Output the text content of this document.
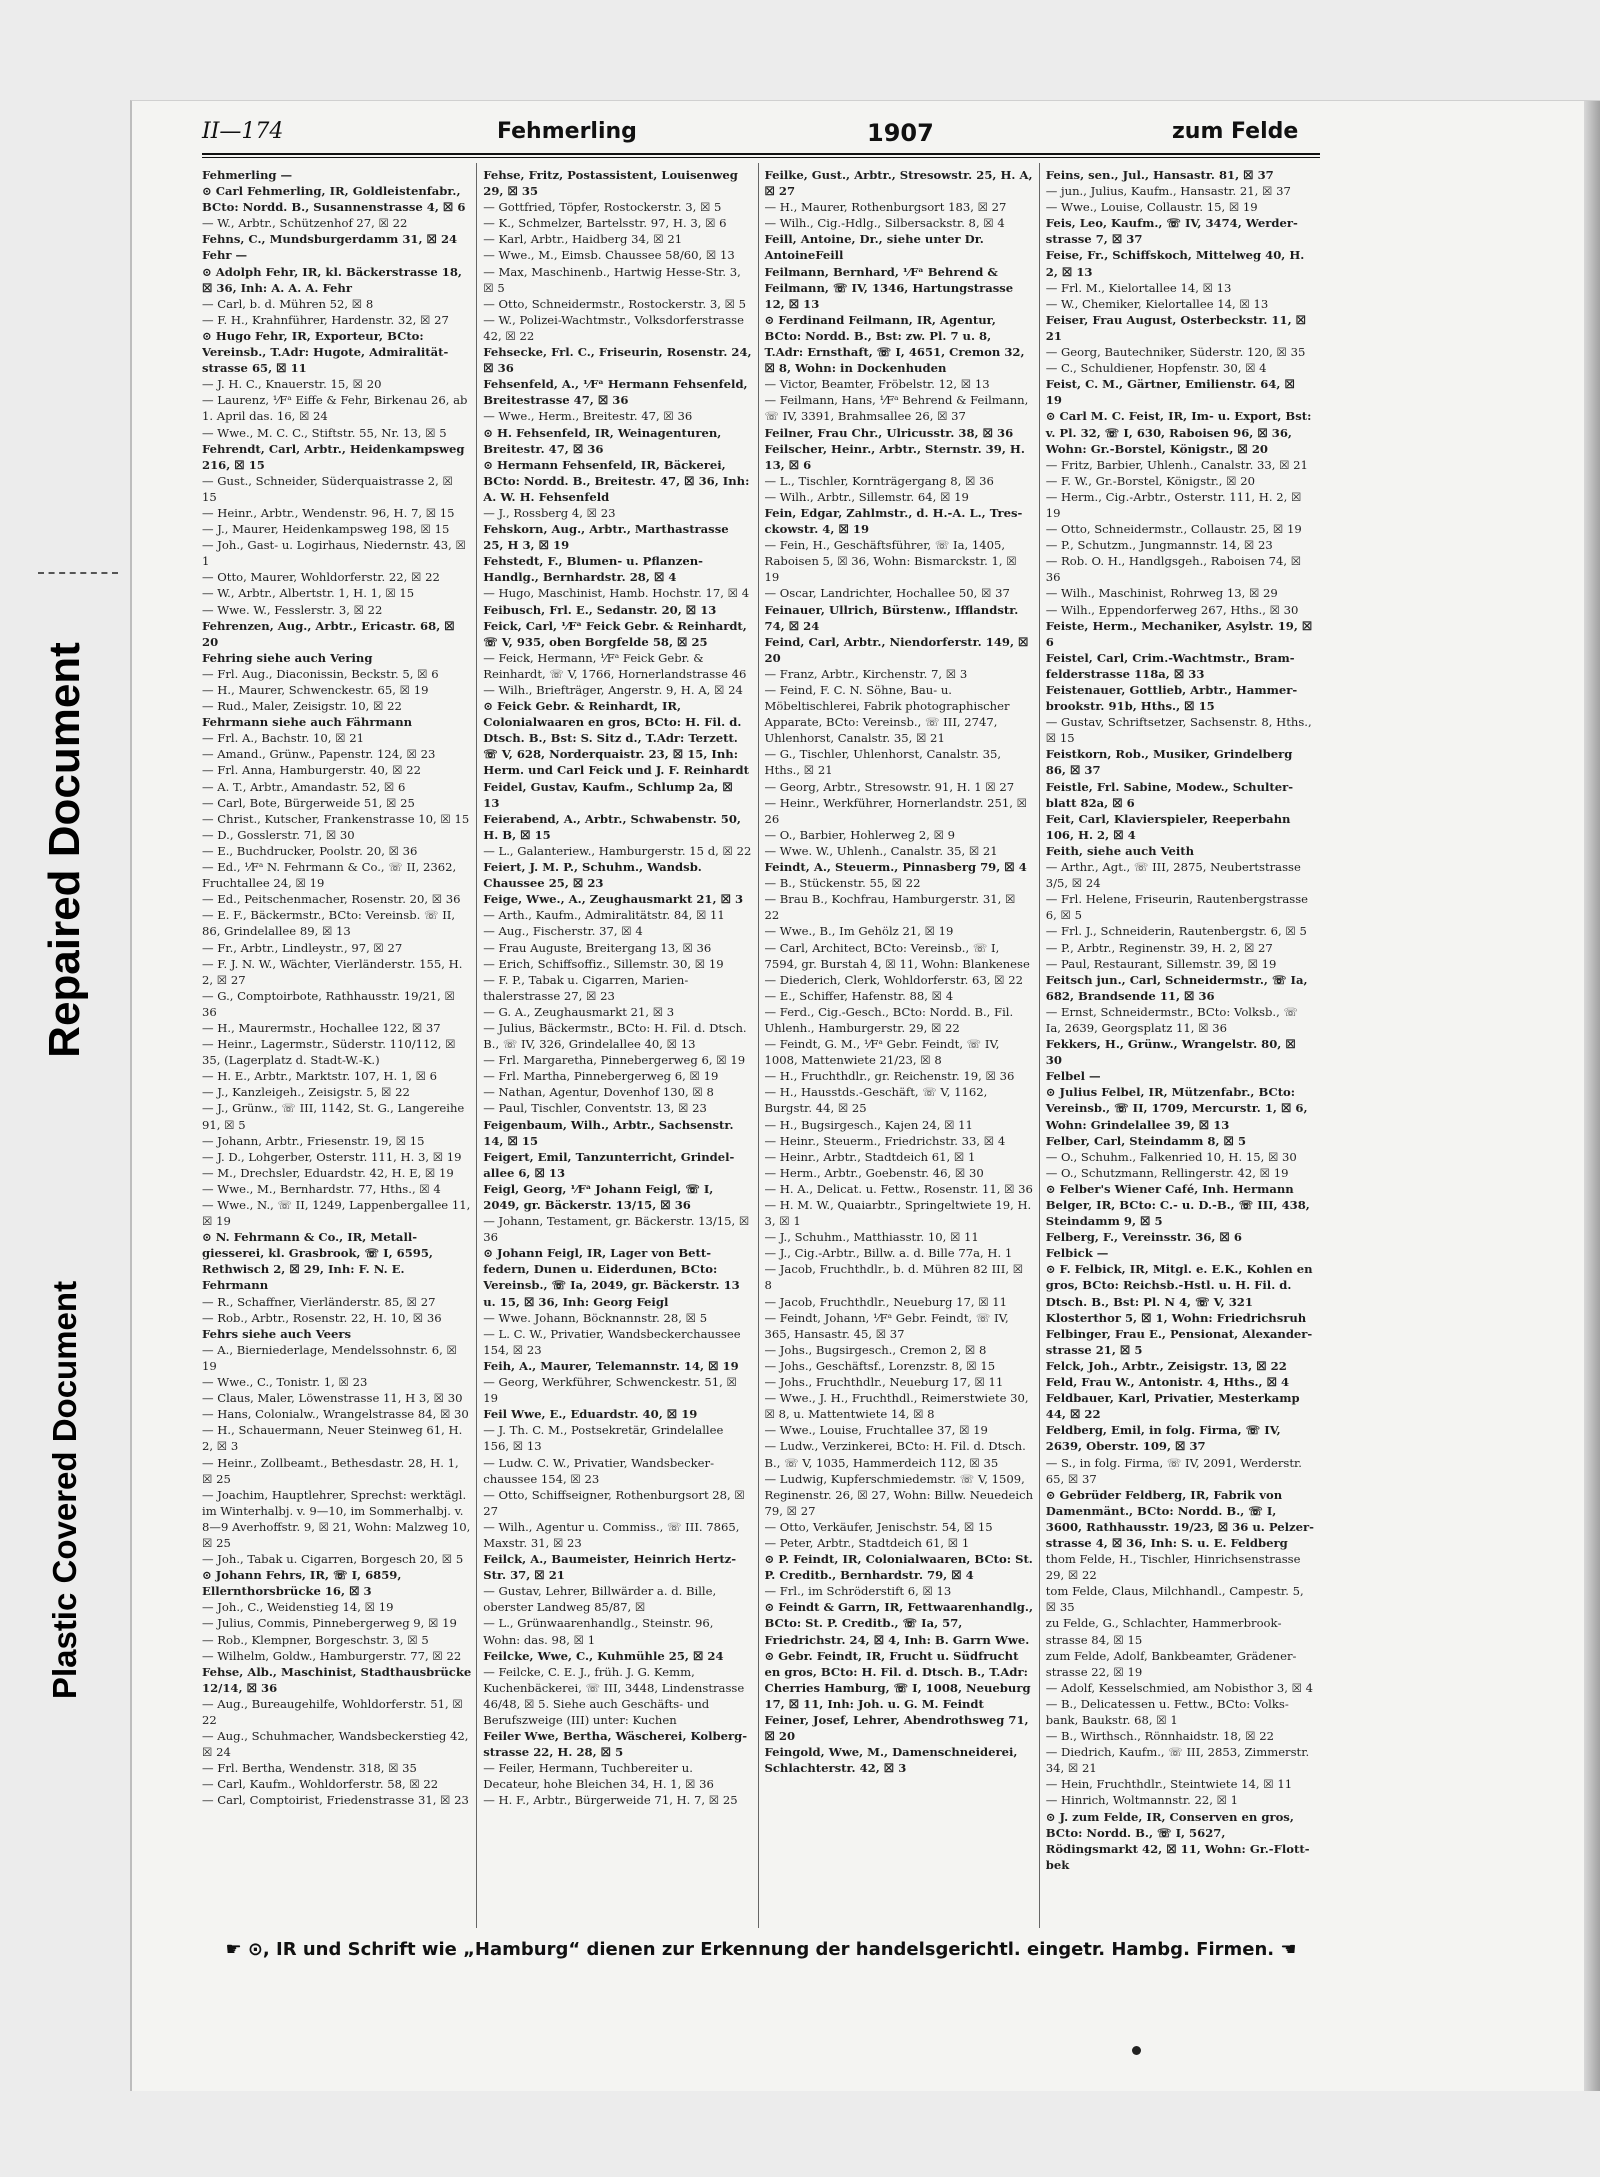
Repaired Document
Plastic Covered Document
II—174	Fehmerling	1907	zum Felde

Fehmerling —

⊙ Carl Fehmerling, IR, Goldleistenfabr., BCto: Nordd. B., Susannenstrasse 4, ☒ 6

— W., Arbtr., Schützenhof 27, ☒ 22

Fehns, C., Mundsburgerdamm 31, ☒ 24

Fehr —

⊙ Adolph Fehr, IR, kl. Bäckerstrasse 18, ☒ 36, Inh: A. A. A. Fehr

— Carl, b. d. Mühren 52, ☒ 8

— F. H., Krahnführer, Hardenstr. 32, ☒ 27

⊙ Hugo Fehr, IR, Exporteur, BCto: Vereinsb., T.Adr: Hugote, Admiralitätstrasse 65, ☒ 11

— J. H. C., Knauerstr. 15, ☒ 20

— Laurenz, ⅟Fᵃ Eiffe & Fehr, Birkenau 26, ab 1. April das. 16, ☒ 24

— Wwe., M. C. C., Stiftstr. 55, Nr. 13, ☒ 5

Fehrendt, Carl, Arbtr., Heidenkampsweg 216, ☒ 15

— Gust., Schneider, Süderquaistrasse 2, ☒ 15

— Heinr., Arbtr., Wendenstr. 96, H. 7, ☒ 15

— J., Maurer, Heidenkampsweg 198, ☒ 15

— Joh., Gast- u. Logirhaus, Niedernstr. 43, ☒ 1

— Otto, Maurer, Wohldorferstr. 22, ☒ 22

— W., Arbtr., Albertstr. 1, H. 1, ☒ 15

— Wwe. W., Fesslerstr. 3, ☒ 22

Fehrenzen, Aug., Arbtr., Ericastr. 68, ☒ 20

Fehring siehe auch Vering

— Frl. Aug., Diaconissin, Beckstr. 5, ☒ 6

— H., Maurer, Schwenckestr. 65, ☒ 19

— Rud., Maler, Zeisigstr. 10, ☒ 22

Fehrmann siehe auch Fährmann

— Frl. A., Bachstr. 10, ☒ 21

— Amand., Grünw., Papenstr. 124, ☒ 23

— Frl. Anna, Hamburgerstr. 40, ☒ 22

— A. T., Arbtr., Amandastr. 52, ☒ 6

— Carl, Bote, Bürgerweide 51, ☒ 25

— Christ., Kutscher, Frankenstrasse 10, ☒ 15

— D., Gosslerstr. 71, ☒ 30

— E., Buchdrucker, Poolstr. 20, ☒ 36

— Ed., ⅟Fᵃ N. Fehrmann & Co., ☏ II, 2362, Fruchtallee 24, ☒ 19

— Ed., Peitschenmacher, Rosenstr. 20, ☒ 36

— E. F., Bäckermstr., BCto: Vereinsb. ☏ II, 86, Grindelallee 89, ☒ 13

— Fr., Arbtr., Lindleystr., 97, ☒ 27

— F. J. N. W., Wächter, Vierländerstr. 155, H. 2, ☒ 27

— G., Comptoirbote, Rathhausstr. 19/21, ☒ 36

— H., Maurermstr., Hochallee 122, ☒ 37

— Heinr., Lagermstr., Süderstr. 110/112, ☒ 35, (Lagerplatz d. Stadt-W.-K.)

— H. E., Arbtr., Marktstr. 107, H. 1, ☒ 6

— J., Kanzleigeh., Zeisigstr. 5, ☒ 22

— J., Grünw., ☏ III, 1142, St. G., Langereihe 91, ☒ 5

— Johann, Arbtr., Friesenstr. 19, ☒ 15

— J. D., Lohgerber, Osterstr. 111, H. 3, ☒ 19

— M., Drechsler, Eduardstr. 42, H. E, ☒ 19

— Wwe., M., Bernhardstr. 77, Hths., ☒ 4

— Wwe., N., ☏ II, 1249, Lappenbergallee 11, ☒ 19

⊙ N. Fehrmann & Co., IR, Metallgiesserei, kl. Grasbrook, ☏ I, 6595, Rethwisch 2, ☒ 29, Inh: F. N. E. Fehrmann

— R., Schaffner, Vierländerstr. 85, ☒ 27

— Rob., Arbtr., Rosenstr. 22, H. 10, ☒ 36

Fehrs siehe auch Veers

— A., Bierniederlage, Mendelssohnstr. 6, ☒ 19

— Wwe., C., Tonistr. 1, ☒ 23

— Claus, Maler, Löwenstrasse 11, H 3, ☒ 30

— Hans, Colonialw., Wrangelstrasse 84, ☒ 30

— H., Schauermann, Neuer Steinweg 61, H. 2, ☒ 3

— Heinr., Zollbeamt., Bethesdastr. 28, H. 1, ☒ 25

— Joachim, Hauptlehrer, Sprechst: werktägl. im Winterhalbj. v. 9—10, im Sommerhalbj. v. 8—9 Averhoffstr. 9, ☒ 21, Wohn: Malzweg 10, ☒ 25

— Joh., Tabak u. Cigarren, Borgesch 20, ☒ 5

⊙ Johann Fehrs, IR, ☏ I, 6859, Ellernthorsbrücke 16, ☒ 3

— Joh., C., Weidenstieg 14, ☒ 19

— Julius, Commis, Pinnebergerweg 9, ☒ 19

— Rob., Klempner, Borgeschstr. 3, ☒ 5

— Wilhelm, Goldw., Hamburgerstr. 77, ☒ 22

Fehse, Alb., Maschinist, Stadthausbrücke 12/14, ☒ 36

— Aug., Bureaugehilfe, Wohldorferstr. 51, ☒ 22

— Aug., Schuhmacher, Wandsbeckerstieg 42, ☒ 24

— Frl. Bertha, Wendenstr. 318, ☒ 35

— Carl, Kaufm., Wohldorferstr. 58, ☒ 22

— Carl, Comptoirist, Friedenstrasse 31, ☒ 23

Fehse, Fritz, Postassistent, Louisenweg 29, ☒ 35

— Gottfried, Töpfer, Rostockerstr. 3, ☒ 5

— K., Schmelzer, Bartelsstr. 97, H. 3, ☒ 6

— Karl, Arbtr., Haidberg 34, ☒ 21

— Wwe., M., Eimsb. Chaussee 58/60, ☒ 13

— Max, Maschinenb., Hartwig Hesse-Str. 3, ☒ 5

— Otto, Schneidermstr., Rostockerstr. 3, ☒ 5

— W., Polizei-Wachtmstr., Volksdorferstrasse 42, ☒ 22

Fehsecke, Frl. C., Friseurin, Rosenstr. 24, ☒ 36

Fehsenfeld, A., ⅟Fᵃ Hermann Fehsenfeld, Breitestrasse 47, ☒ 36

— Wwe., Herm., Breitestr. 47, ☒ 36

⊙ H. Fehsenfeld, IR, Weinagenturen, Breitestr. 47, ☒ 36

⊙ Hermann Fehsenfeld, IR, Bäckerei, BCto: Nordd. B., Breitestr. 47, ☒ 36, Inh: A. W. H. Fehsenfeld

— J., Rossberg 4, ☒ 23

Fehskorn, Aug., Arbtr., Marthastrasse 25, H 3, ☒ 19

Fehstedt, F., Blumen- u. Pflanzen-Handlg., Bernhardstr. 28, ☒ 4

— Hugo, Maschinist, Hamb. Hochstr. 17, ☒ 4

Feibusch, Frl. E., Sedanstr. 20, ☒ 13

Feick, Carl, ⅟Fᵃ Feick Gebr. & Reinhardt, ☏ V, 935, oben Borgfelde 58, ☒ 25

— Feick, Hermann, ⅟Fᵃ Feick Gebr. & Reinhardt, ☏ V, 1766, Hornerlandstrasse 46

— Wilh., Briefträger, Angerstr. 9, H. A, ☒ 24

⊙ Feick Gebr. & Reinhardt, IR, Colonialwaaren en gros, BCto: H. Fil. d. Dtsch. B., Bst: S. Sitz d., T.Adr: Terzett. ☏ V, 628, Norderquaistr. 23, ☒ 15, Inh: Herm. und Carl Feick und J. F. Reinhardt

Feidel, Gustav, Kaufm., Schlump 2a, ☒ 13

Feierabend, A., Arbtr., Schwabenstr. 50, H. B, ☒ 15

— L., Galanteriew., Hamburgerstr. 15 d, ☒ 22

Feiert, J. M. P., Schuhm., Wandsb. Chaussee 25, ☒ 23

Feige, Wwe., A., Zeughausmarkt 21, ☒ 3

— Arth., Kaufm., Admiralitätstr. 84, ☒ 11

— Aug., Fischerstr. 37, ☒ 4

— Frau Auguste, Breitergang 13, ☒ 36

— Erich, Schiffsoffiz., Sillemstr. 30, ☒ 19

— F. P., Tabak u. Cigarren, Marienthalerstrasse 27, ☒ 23

— G. A., Zeughausmarkt 21, ☒ 3

— Julius, Bäckermstr., BCto: H. Fil. d. Dtsch. B., ☏ IV, 326, Grindelallee 40, ☒ 13

— Frl. Margaretha, Pinnebergerweg 6, ☒ 19

— Frl. Martha, Pinnebergerweg 6, ☒ 19

— Nathan, Agentur, Dovenhof 130, ☒ 8

— Paul, Tischler, Conventstr. 13, ☒ 23

Feigenbaum, Wilh., Arbtr., Sachsenstr. 14, ☒ 15

Feigert, Emil, Tanzunterricht, Grindelallee 6, ☒ 13

Feigl, Georg, ⅟Fᵃ Johann Feigl, ☏ I, 2049, gr. Bäckerstr. 13/15, ☒ 36

— Johann, Testament, gr. Bäckerstr. 13/15, ☒ 36

⊙ Johann Feigl, IR, Lager von Bettfedern, Dunen u. Eiderdunen, BCto: Vereinsb., ☏ Ia, 2049, gr. Bäckerstr. 13 u. 15, ☒ 36, Inh: Georg Feigl

— Wwe. Johann, Böcknannstr. 28, ☒ 5

— L. C. W., Privatier, Wandsbeckerchaussee 154, ☒ 23

Feih, A., Maurer, Telemannstr. 14, ☒ 19

— Georg, Werkführer, Schwenckestr. 51, ☒ 19

Feil Wwe, E., Eduardstr. 40, ☒ 19

— J. Th. C. M., Postsekretär, Grindelallee 156, ☒ 13

— Ludw. C. W., Privatier, Wandsbeckerchaussee 154, ☒ 23

— Otto, Schiffseigner, Rothenburgsort 28, ☒ 27

— Wilh., Agentur u. Commiss., ☏ III. 7865, Maxstr. 31, ☒ 23

Feilck, A., Baumeister, Heinrich Hertz-Str. 37, ☒ 21

— Gustav, Lehrer, Billwärder a. d. Bille, oberster Landweg 85/87, ☒

— L., Grünwaarenhandlg., Steinstr. 96, Wohn: das. 98, ☒ 1

Feilcke, Wwe, C., Kuhmühle 25, ☒ 24

— Feilcke, C. E. J., früh. J. G. Kemm, Kuchenbäckerei, ☏ III, 3448, Lindenstrasse 46/48, ☒ 5. Siehe auch Geschäfts- und Berufszweige (III) unter: Kuchen

Feiler Wwe, Bertha, Wäscherei, Kolbergstrasse 22, H. 28, ☒ 5

— Feiler, Hermann, Tuchbereiter u. Decateur, hohe Bleichen 34, H. 1, ☒ 36

— H. F., Arbtr., Bürgerweide 71, H. 7, ☒ 25

Feilke, Gust., Arbtr., Stresowstr. 25, H. A, ☒ 27

— H., Maurer, Rothenburgsort 183, ☒ 27

— Wilh., Cig.-Hdlg., Silbersackstr. 8, ☒ 4

Feill, Antoine, Dr., siehe unter Dr. AntoineFeill

Feilmann, Bernhard, ⅟Fᵃ Behrend & Feilmann, ☏ IV, 1346, Hartungstrasse 12, ☒ 13

⊙ Ferdinand Feilmann, IR, Agentur, BCto: Nordd. B., Bst: zw. Pl. 7 u. 8, T.Adr: Ernsthaft, ☏ I, 4651, Cremon 32, ☒ 8, Wohn: in Dockenhuden

— Victor, Beamter, Fröbelstr. 12, ☒ 13

— Feilmann, Hans, ⅟Fᵃ Behrend & Feilmann, ☏ IV, 3391, Brahmsallee 26, ☒ 37

Feilner, Frau Chr., Ulricusstr. 38, ☒ 36

Feilscher, Heinr., Arbtr., Sternstr. 39, H. 13, ☒ 6

— L., Tischler, Kornträgergang 8, ☒ 36

— Wilh., Arbtr., Sillemstr. 64, ☒ 19

Fein, Edgar, Zahlmstr., d. H.-A. L., Tresckowstr. 4, ☒ 19

— Fein, H., Geschäftsführer, ☏ Ia, 1405, Raboisen 5, ☒ 36, Wohn: Bismarckstr. 1, ☒ 19

— Oscar, Landrichter, Hochallee 50, ☒ 37

Feinauer, Ullrich, Bürstenw., Ifflandstr. 74, ☒ 24

Feind, Carl, Arbtr., Niendorferstr. 149, ☒ 20

— Franz, Arbtr., Kirchenstr. 7, ☒ 3

— Feind, F. C. N. Söhne, Bau- u. Möbeltischlerei, Fabrik photographischer Apparate, BCto: Vereinsb., ☏ III, 2747, Uhlenhorst, Canalstr. 35, ☒ 21

— G., Tischler, Uhlenhorst, Canalstr. 35, Hths., ☒ 21

— Georg, Arbtr., Stresowstr. 91, H. 1 ☒ 27

— Heinr., Werkführer, Hornerlandstr. 251, ☒ 26

— O., Barbier, Hohlerweg 2, ☒ 9

— Wwe. W., Uhlenh., Canalstr. 35, ☒ 21

Feindt, A., Steuerm., Pinnasberg 79, ☒ 4

— B., Stückenstr. 55, ☒ 22

— Brau B., Kochfrau, Hamburgerstr. 31, ☒ 22

— Wwe., B., Im Gehölz 21, ☒ 19

— Carl, Architect, BCto: Vereinsb., ☏ I, 7594, gr. Burstah 4, ☒ 11, Wohn: Blankenese

— Diederich, Clerk, Wohldorferstr. 63, ☒ 22

— E., Schiffer, Hafenstr. 88, ☒ 4

— Ferd., Cig.-Gesch., BCto: Nordd. B., Fil. Uhlenh., Hamburgerstr. 29, ☒ 22

— Feindt, G. M., ⅟Fᵃ Gebr. Feindt, ☏ IV, 1008, Mattenwiete 21/23, ☒ 8

— H., Fruchthdlr., gr. Reichenstr. 19, ☒ 36

— H., Hausstds.-Geschäft, ☏ V, 1162, Burgstr. 44, ☒ 25

— H., Bugsirgesch., Kajen 24, ☒ 11

— Heinr., Steuerm., Friedrichstr. 33, ☒ 4

— Heinr., Arbtr., Stadtdeich 61, ☒ 1

— Herm., Arbtr., Goebenstr. 46, ☒ 30

— H. A., Delicat. u. Fettw., Rosenstr. 11, ☒ 36

— H. M. W., Quaiarbtr., Springeltwiete 19, H. 3, ☒ 1

— J., Schuhm., Matthiasstr. 10, ☒ 11

— J., Cig.-Arbtr., Billw. a. d. Bille 77a, H. 1

— Jacob, Fruchthdlr., b. d. Mühren 82 III, ☒ 8

— Jacob, Fruchthdlr., Neueburg 17, ☒ 11

— Feindt, Johann, ⅟Fᵃ Gebr. Feindt, ☏ IV, 365, Hansastr. 45, ☒ 37

— Johs., Bugsirgesch., Cremon 2, ☒ 8

— Johs., Geschäftsf., Lorenzstr. 8, ☒ 15

— Johs., Fruchthdlr., Neueburg 17, ☒ 11

— Wwe., J. H., Fruchthdl., Reimerstwiete 30, ☒ 8, u. Mattentwiete 14, ☒ 8

— Wwe., Louise, Fruchtallee 37, ☒ 19

— Ludw., Verzinkerei, BCto: H. Fil. d. Dtsch. B., ☏ V, 1035, Hammerdeich 112, ☒ 35

— Ludwig, Kupferschmiedemstr. ☏ V, 1509, Reginenstr. 26, ☒ 27, Wohn: Billw. Neuedeich 79, ☒ 27

— Otto, Verkäufer, Jenischstr. 54, ☒ 15

— Peter, Arbtr., Stadtdeich 61, ☒ 1

⊙ P. Feindt, IR, Colonialwaaren, BCto: St. P. Creditb., Bernhardstr. 79, ☒ 4

— Frl., im Schröderstift 6, ☒ 13

⊙ Feindt & Garrn, IR, Fettwaarenhandlg., BCto: St. P. Creditb., ☏ Ia, 57, Friedrichstr. 24, ☒ 4, Inh: B. Garrn Wwe.

⊙ Gebr. Feindt, IR, Frucht u. Südfrucht en gros, BCto: H. Fil. d. Dtsch. B., T.Adr: Cherries Hamburg, ☏ I, 1008, Neueburg 17, ☒ 11, Inh: Joh. u. G. M. Feindt

Feiner, Josef, Lehrer, Abendrothsweg 71, ☒ 20

Feingold, Wwe, M., Damenschneiderei, Schlachterstr. 42, ☒ 3

Feins, sen., Jul., Hansastr. 81, ☒ 37

— jun., Julius, Kaufm., Hansastr. 21, ☒ 37

— Wwe., Louise, Collaustr. 15, ☒ 19

Feis, Leo, Kaufm., ☏ IV, 3474, Werderstrasse 7, ☒ 37

Feise, Fr., Schiffskoch, Mittelweg 40, H. 2, ☒ 13

— Frl. M., Kielortallee 14, ☒ 13

— W., Chemiker, Kielortallee 14, ☒ 13

Feiser, Frau August, Osterbeckstr. 11, ☒ 21

— Georg, Bautechniker, Süderstr. 120, ☒ 35

— C., Schuldiener, Hopfenstr. 30, ☒ 4

Feist, C. M., Gärtner, Emilienstr. 64, ☒ 19

⊙ Carl M. C. Feist, IR, Im- u. Export, Bst: v. Pl. 32, ☏ I, 630, Raboisen 96, ☒ 36, Wohn: Gr.-Borstel, Königstr., ☒ 20

— Fritz, Barbier, Uhlenh., Canalstr. 33, ☒ 21

— F. W., Gr.-Borstel, Königstr., ☒ 20

— Herm., Cig.-Arbtr., Osterstr. 111, H. 2, ☒ 19

— Otto, Schneidermstr., Collaustr. 25, ☒ 19

— P., Schutzm., Jungmannstr. 14, ☒ 23

— Rob. O. H., Handlgsgeh., Raboisen 74, ☒ 36

— Wilh., Maschinist, Rohrweg 13, ☒ 29

— Wilh., Eppendorferweg 267, Hths., ☒ 30

Feiste, Herm., Mechaniker, Asylstr. 19, ☒ 6

Feistel, Carl, Crim.-Wachtmstr., Bramfelderstrasse 118a, ☒ 33

Feistenauer, Gottlieb, Arbtr., Hammerbrookstr. 91b, Hths., ☒ 15

— Gustav, Schriftsetzer, Sachsenstr. 8, Hths., ☒ 15

Feistkorn, Rob., Musiker, Grindelberg 86, ☒ 37

Feistle, Frl. Sabine, Modew., Schulterblatt 82a, ☒ 6

Feit, Carl, Klavierspieler, Reeperbahn 106, H. 2, ☒ 4

Feith, siehe auch Veith

— Arthr., Agt., ☏ III, 2875, Neubertstrasse 3/5, ☒ 24

— Frl. Helene, Friseurin, Rautenbergstrasse 6, ☒ 5

— Frl. J., Schneiderin, Rautenbergstr. 6, ☒ 5

— P., Arbtr., Reginenstr. 39, H. 2, ☒ 27

— Paul, Restaurant, Sillemstr. 39, ☒ 19

Feitsch jun., Carl, Schneidermstr., ☏ Ia, 682, Brandsende 11, ☒ 36

— Ernst, Schneidermstr., BCto: Volksb., ☏ Ia, 2639, Georgsplatz 11, ☒ 36

Fekkers, H., Grünw., Wrangelstr. 80, ☒ 30

Felbel —

⊙ Julius Felbel, IR, Mützenfabr., BCto: Vereinsb., ☏ II, 1709, Mercurstr. 1, ☒ 6, Wohn: Grindelallee 39, ☒ 13

Felber, Carl, Steindamm 8, ☒ 5

— O., Schuhm., Falkenried 10, H. 15, ☒ 30

— O., Schutzmann, Rellingerstr. 42, ☒ 19

⊙ Felber's Wiener Café, Inh. Hermann Belger, IR, BCto: C.- u. D.-B., ☏ III, 438, Steindamm 9, ☒ 5

Felberg, F., Vereinsstr. 36, ☒ 6

Felbick —

⊙ F. Felbick, IR, Mitgl. e. E.K., Kohlen en gros, BCto: Reichsb.-Hstl. u. H. Fil. d. Dtsch. B., Bst: Pl. N 4, ☏ V, 321 Klosterthor 5, ☒ 1, Wohn: Friedrichsruh

Felbinger, Frau E., Pensionat, Alexanderstrasse 21, ☒ 5

Felck, Joh., Arbtr., Zeisigstr. 13, ☒ 22

Feld, Frau W., Antonistr. 4, Hths., ☒ 4

Feldbauer, Karl, Privatier, Mesterkamp 44, ☒ 22

Feldberg, Emil, in folg. Firma, ☏ IV, 2639, Oberstr. 109, ☒ 37

— S., in folg. Firma, ☏ IV, 2091, Werderstr. 65, ☒ 37

⊙ Gebrüder Feldberg, IR, Fabrik von Damenmänt., BCto: Nordd. B., ☏ I, 3600, Rathhausstr. 19/23, ☒ 36 u. Pelzerstrasse 4, ☒ 36, Inh: S. u. E. Feldberg

thom Felde, H., Tischler, Hinrichsenstrasse 29, ☒ 22

tom Felde, Claus, Milchhandl., Campestr. 5, ☒ 35

zu Felde, G., Schlachter, Hammerbrookstrasse 84, ☒ 15

zum Felde, Adolf, Bankbeamter, Grädenerstrasse 22, ☒ 19

— Adolf, Kesselschmied, am Nobisthor 3, ☒ 4

— B., Delicatessen u. Fettw., BCto: Volksbank, Baukstr. 68, ☒ 1

— B., Wirthsch., Rönnhaidstr. 18, ☒ 22

— Diedrich, Kaufm., ☏ III, 2853, Zimmerstr. 34, ☒ 21

— Hein, Fruchthdlr., Steintwiete 14, ☒ 11

— Hinrich, Woltmannstr. 22, ☒ 1

⊙ J. zum Felde, IR, Conserven en gros, BCto: Nordd. B., ☏ I, 5627, Rödingsmarkt 42, ☒ 11, Wohn: Gr.-Flottbek

☛ ⊙, IR und Schrift wie „Hamburg“ dienen zur Erkennung der handelsgerichtl. eingetr. Hambg. Firmen. ☚
